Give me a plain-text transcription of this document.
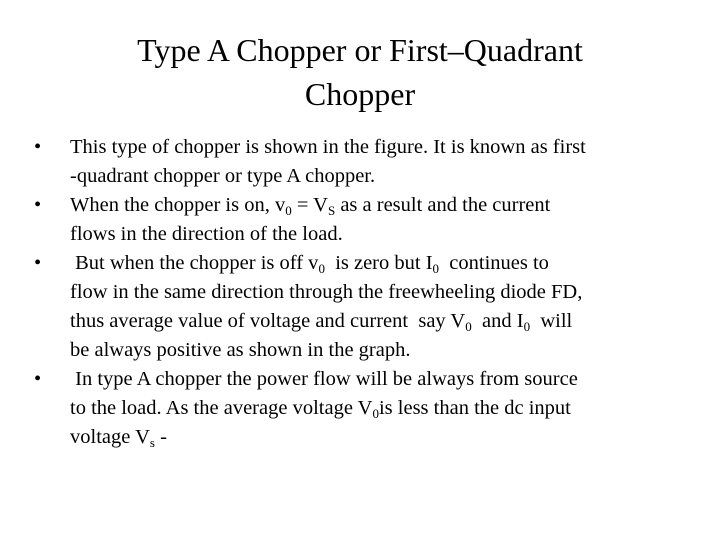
Type A Chopper or First–Quadrant
Chopper
•	This type of chopper is shown in the figure. It is known as first
-quadrant chopper or type A chopper.
•	When the chopper is on, $v_0 = V_S$ as a result and the current
flows in the direction of the load.
•	But when the chopper is off $v_0$  is zero but $I_0$  continues to
flow in the same direction through the freewheeling diode FD,
thus average value of voltage and current  say $V_0$  and $I_0$  will
be always positive as shown in the graph.
•	In type A chopper the power flow will be always from source
to the load. As the average voltage $V_0is$ less than the dc input
voltage $V_s$ -
